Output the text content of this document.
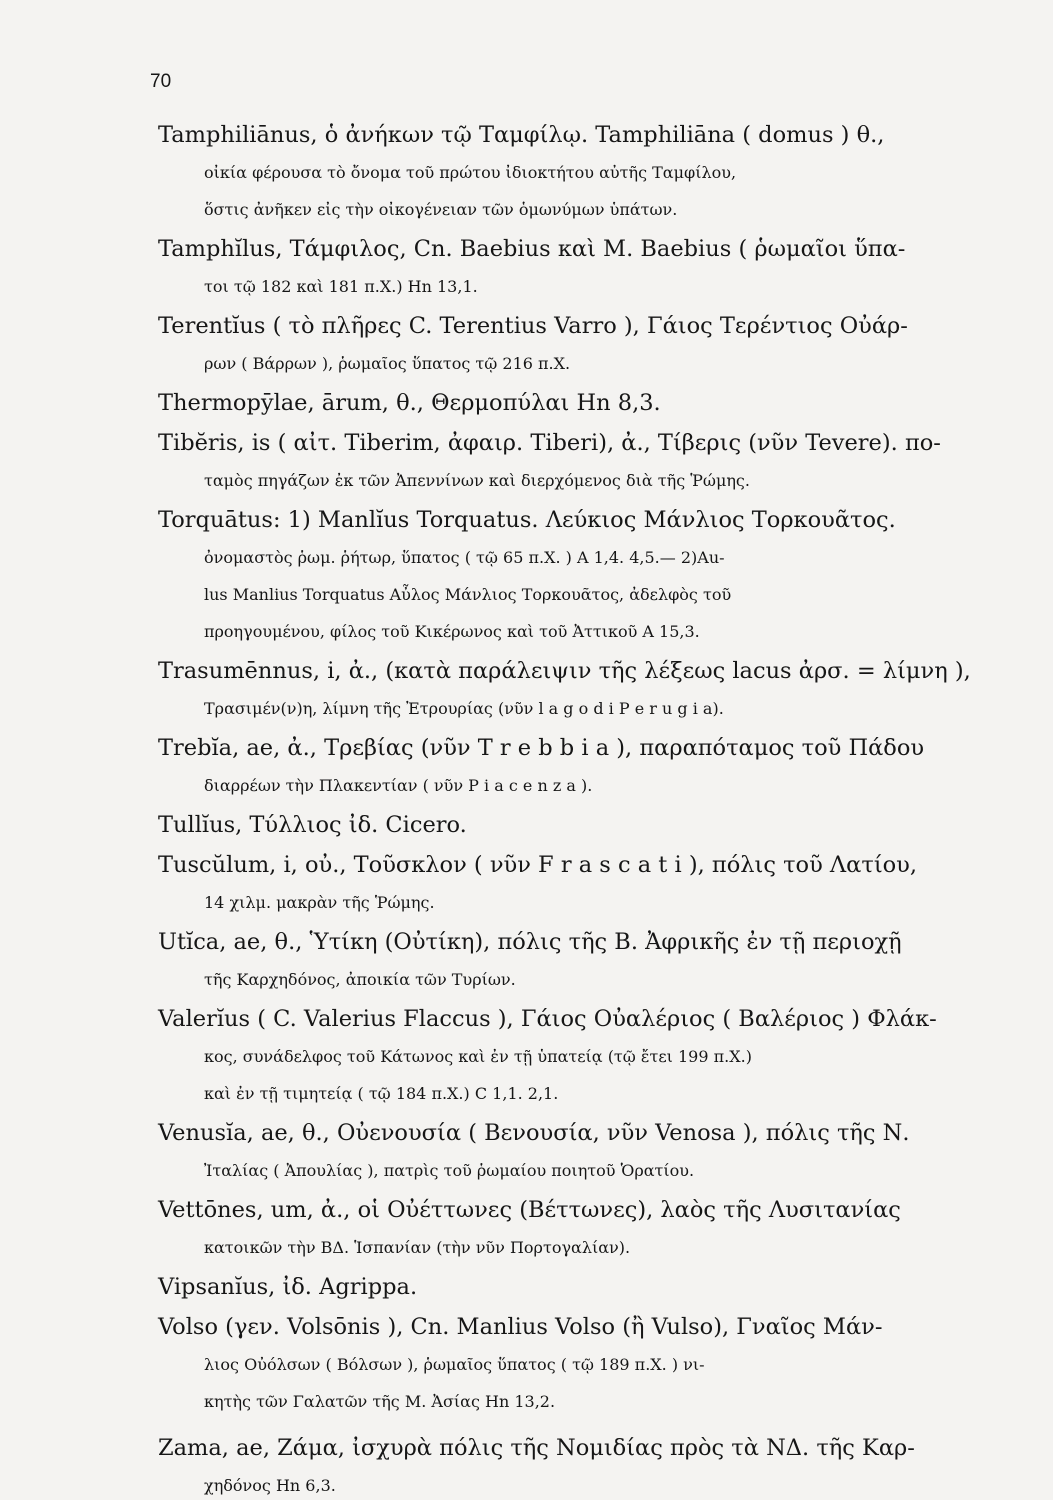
70
Tamphiliānus, ὁ ἀνήκων τῷ Ταμφίλῳ. Tamphiliāna ( domus ) θ.,
οἰκία φέρουσα τὸ ὄνομα τοῦ πρώτου ἰδιοκτήτου αὐτῆς Ταμφίλου,
ὅστις ἀνῆκεν εἰς τὴν οἰκογένειαν τῶν ὁμωνύμων ὑπάτων.
Tamphĭlus, Τάμφιλος, Cn. Baebius καὶ M. Baebius ( ῥωμαῖοι ὕπα-
τοι τῷ 182 καὶ 181 π.Χ.) Hn 13,1.
Terentĭus ( τὸ πλῆρες C. Terentius Varro ), Γάιος Τερέντιος Οὐάρ-
ρων ( Βάρρων ), ῥωμαῖος ὕπατος τῷ 216 π.Χ.
Thermopȳlae, ārum, θ., Θερμοπύλαι Hn 8,3.
Tibĕris, is ( αἰτ. Tiberim, ἀφαιρ. Tiberi), ἀ., Τίβερις (νῦν Tevere). πο-
ταμὸς πηγάζων ἐκ τῶν Ἀπεννίνων καὶ διερχόμενος διὰ τῆς Ῥώμης.
Torquātus: 1) Manlĭus Torquatus. Λεύκιος Μάνλιος Τορκουᾶτος.
ὀνομαστὸς ῥωμ. ῥήτωρ, ὕπατος ( τῷ 65 π.Χ. ) A 1,4. 4,5.— 2)Au-
lus Manlius Torquatus Αὖλος Μάνλιος Τορκουᾶτος, ἀδελφὸς τοῦ
προηγουμένου, φίλος τοῦ Κικέρωνος καὶ τοῦ Ἀττικοῦ A 15,3.
Trasumēnnus, i, ἀ., (κατὰ παράλειψιν τῆς λέξεως lacus ἀρσ. = λίμνη ),
Τρασιμέν(ν)η, λίμνη τῆς Ἐτρουρίας (νῦν l a g o d i P e r u g i a).
Trebĭa, ae, ἀ., Τρεβίας (νῦν T r e b b i a ), παραπόταμος τοῦ Πάδου
διαρρέων τὴν Πλακεντίαν ( νῦν P i a c e n z a ).
Tullĭus, Τύλλιος ἰδ. Cicero.
Tuscŭlum, i, οὐ., Τοῦσκλον ( νῦν F r a s c a t i ), πόλις τοῦ Λατίου,
14 χιλμ. μακρὰν τῆς Ῥώμης.
Utĭca, ae, θ., Ὑτίκη (Οὐτίκη), πόλις τῆς Β. Ἀφρικῆς ἐν τῇ περιοχῇ
τῆς Καρχηδόνος, ἀποικία τῶν Τυρίων.
Valerĭus ( C. Valerius Flaccus ), Γάιος Οὐαλέριος ( Βαλέριος ) Φλάκ-
κος, συνάδελφος τοῦ Κάτωνος καὶ ἐν τῇ ὑπατείᾳ (τῷ ἔτει 199 π.Χ.)
καὶ ἐν τῇ τιμητείᾳ ( τῷ 184 π.Χ.) C 1,1. 2,1.
Venusĭa, ae, θ., Οὐενουσία ( Βενουσία, νῦν Venosa ), πόλις τῆς Ν.
Ἰταλίας ( Ἀπουλίας ), πατρὶς τοῦ ῥωμαίου ποιητοῦ Ὁρατίου.
Vettōnes, um, ἀ., οἱ Οὐέττωνες (Βέττωνες), λαὸς τῆς Λυσιτανίας
κατοικῶν τὴν ΒΔ. Ἱσπανίαν (τὴν νῦν Πορτογαλίαν).
Vipsanĭus, ἰδ. Agrippa.
Volso (γεν. Volsōnis ), Cn. Manlius Volso (ἢ Vulso), Γναῖος Μάν-
λιος Οὐόλσων ( Βόλσων ), ῥωμαῖος ὕπατος ( τῷ 189 π.Χ. ) νι-
κητὴς τῶν Γαλατῶν τῆς Μ. Ἀσίας Hn 13,2.
Zama, ae, Ζάμα, ἰσχυρὰ πόλις τῆς Νομιδίας πρὸς τὰ ΝΔ. τῆς Καρ-
χηδόνος Hn 6,3.
